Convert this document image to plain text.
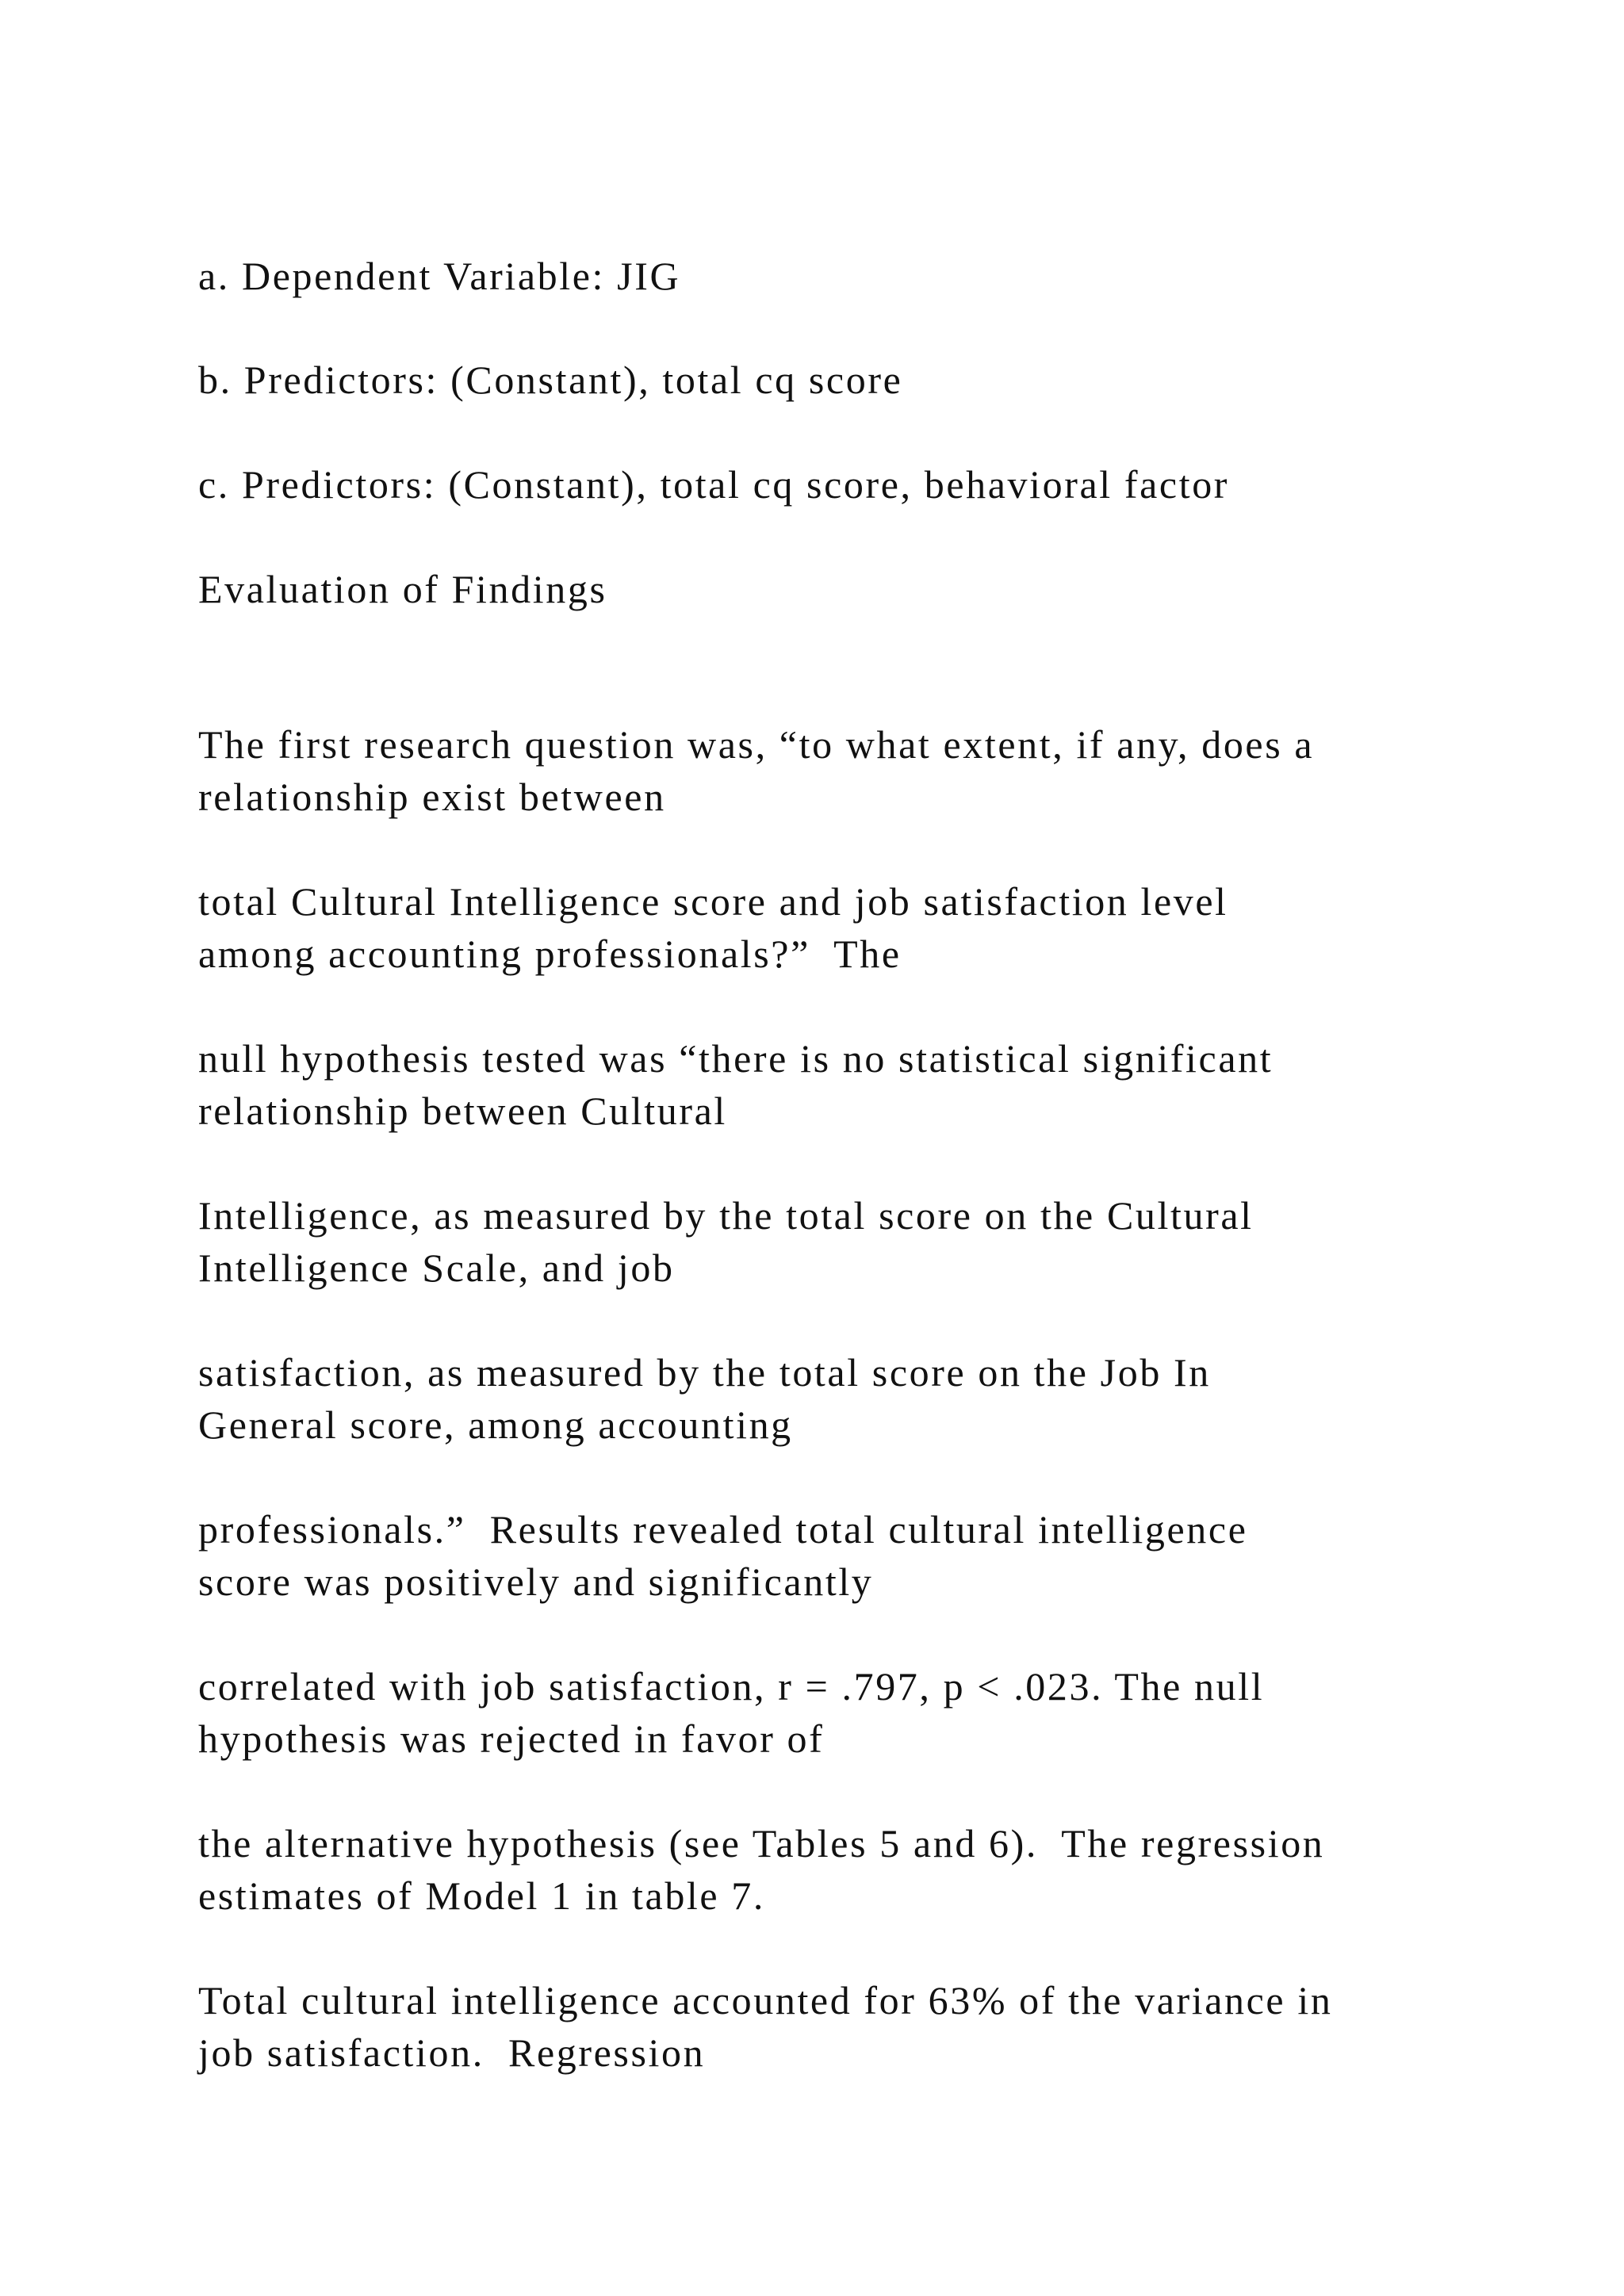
a. Dependent Variable: JIG

b. Predictors: (Constant), total cq score

c. Predictors: (Constant), total cq score, behavioral factor

Evaluation of Findings

The first research question was, “to what extent, if any, does a

relationship exist between

total Cultural Intelligence score and job satisfaction level

among accounting professionals?”  The

null hypothesis tested was “there is no statistical significant

relationship between Cultural

Intelligence, as measured by the total score on the Cultural

Intelligence Scale, and job

satisfaction, as measured by the total score on the Job In

General score, among accounting

professionals.”  Results revealed total cultural intelligence

score was positively and significantly

correlated with job satisfaction, r = .797, p < .023. The null

hypothesis was rejected in favor of

the alternative hypothesis (see Tables 5 and 6).  The regression

estimates of Model 1 in table 7.

Total cultural intelligence accounted for 63% of the variance in

job satisfaction.  Regression
